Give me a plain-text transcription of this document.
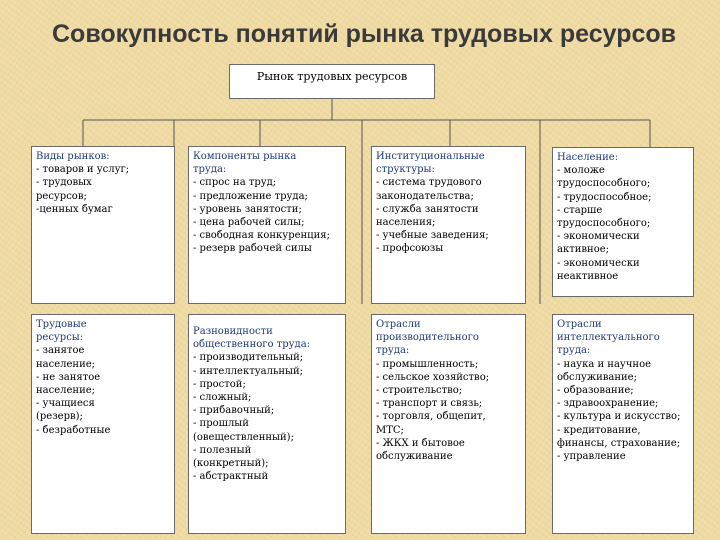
Совокупность понятий рынка трудовых ресурсов
Рынок трудовых ресурсов
Виды рынков:
- товаров и услуг;
- трудовых
ресурсов;
-ценных бумаг
Компоненты рынка
труда:
- спрос на труд;
- предложение труда;
- уровень занятости;
- цена рабочей силы;
- свободная конкуренция;
- резерв рабочей силы
Институциональные
структуры:
- система трудового
законодательства;
- служба занятости
населения;
- учебные заведения;
- профсоюзы
Население:
- моложе
трудоспособного;
- трудоспособное;
- старше
трудоспособного;
- экономически
активное;
- экономически
неактивное
Трудовые
ресурсы:
- занятое
население;
- не занятое
население;
- учащиеся
(резерв);
- безработные
Разновидности
общественного труда:
- производительный;
- интеллектуальный;
- простой;
- сложный;
- прибавочный;
- прошлый
(овеществленный);
- полезный
(конкретный);
- абстрактный
Отрасли
производительного
труда:
- промышленность;
- сельское хозяйство;
- строительство;
- транспорт и связь;
- торговля, общепит,
МТС;
- ЖКХ и бытовое
обслуживание
Отрасли
интеллектуального
труда:
- наука и научное
обслуживание;
- образование;
- здравоохранение;
- культура и искусство;
- кредитование,
финансы, страхование;
- управление
